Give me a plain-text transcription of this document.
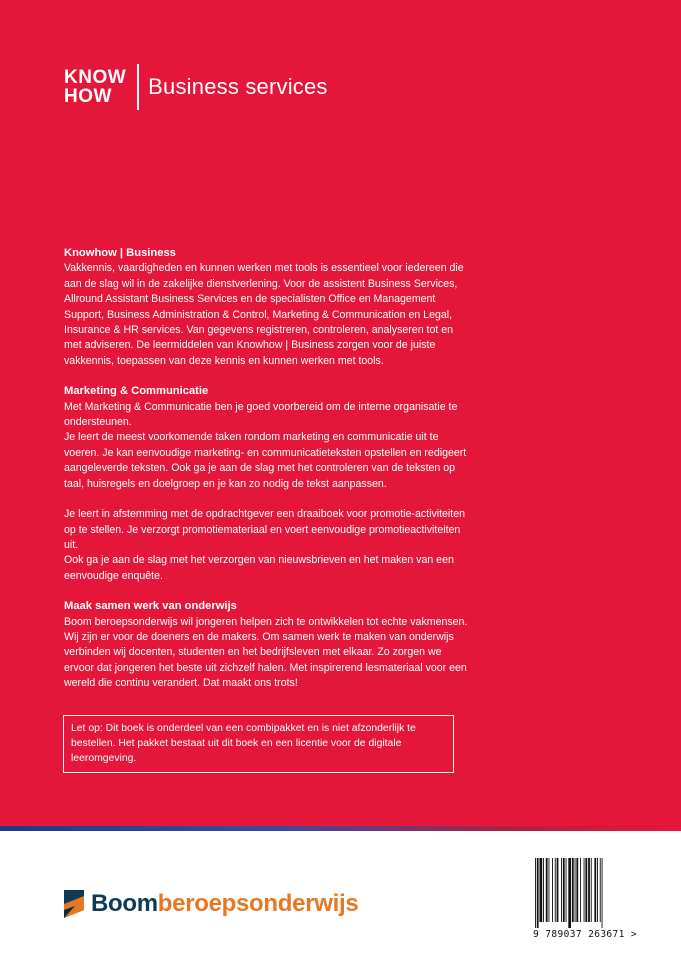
KNOW
HOW	Business services
Knowhow | Business

Vakkennis, vaardigheden en kunnen werken met tools is essentieel voor iedereen die aan de slag wil in de zakelijke dienstverlening. Voor de assistent Business Services, Allround Assistant Business Services en de specialisten Office en Management Support, Business Administration & Control, Marketing & Communication en Legal, Insurance & HR services. Van gegevens registreren, controleren, analyseren tot en met adviseren. De leermiddelen van Knowhow | Business zorgen voor de juiste vakkennis, toepassen van deze kennis en kunnen werken met tools.

Marketing & Communicatie

Met Marketing & Communicatie ben je goed voorbereid om de interne organisatie te ondersteunen.

Je leert de meest voorkomende taken rondom marketing en communicatie uit te voeren. Je kan eenvoudige marketing- en communicatieteksten opstellen en redigeert aangeleverde teksten. Ook ga je aan de slag met het controleren van de teksten op taal, huisregels en doelgroep en je kan zo nodig de tekst aanpassen.

Je leert in afstemming met de opdrachtgever een draaiboek voor promotie-activiteiten op te stellen. Je verzorgt promotiemateriaal en voert eenvoudige promotieactiviteiten uit.

Ook ga je aan de slag met het verzorgen van nieuwsbrieven en het maken van een eenvoudige enquête.

Maak samen werk van onderwijs

Boom beroepsonderwijs wil jongeren helpen zich te ontwikkelen tot echte vakmensen. Wij zijn er voor de doeners en de makers. Om samen werk te maken van onderwijs verbinden wij docenten, studenten en het bedrijfsleven met elkaar. Zo zorgen we ervoor dat jongeren het beste uit zichzelf halen. Met inspirerend lesmateriaal voor een wereld die continu verandert. Dat maakt ons trots!

Let op: Dit boek is onderdeel van een combipakket en is niet afzonderlijk te bestellen. Het pakket bestaat uit dit boek en een licentie voor de digitale leeromgeving.
Boom beroepsonderwijs
9 789037 263671 >
